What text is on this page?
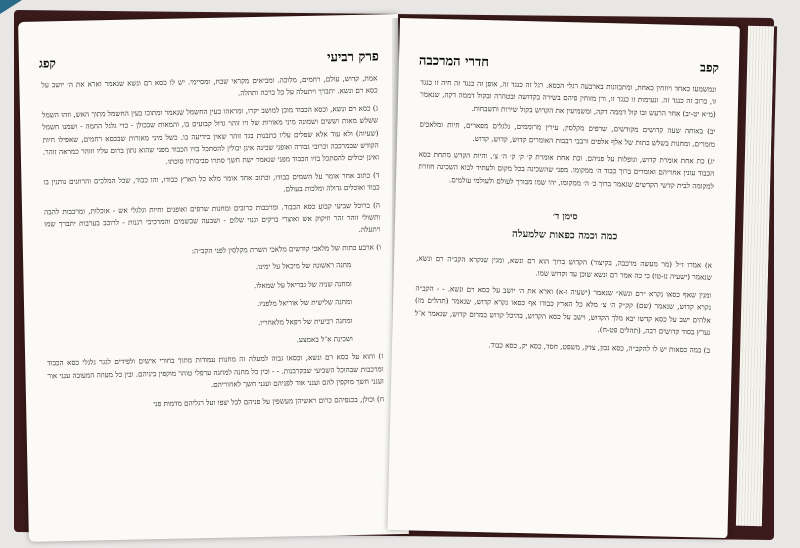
פרק רביעי
קפג

אמת, קדוש, עולם, רחמים, מלוכה. ומביאים מקראי שבח, ומסיימי. יש לו כסא רם ונשא שנאמר וארא את ה׳ יושב על כסא רם ונשא. יתברך ויתעלה על כל ברכה ותהלה.

ג) כסא רם ונשא, וכסא הכבוד מוכן למושב יקרו, ומראהו כעין החשמל שנאמר ומתוכו כעין החשמל מתוך האש, וזהו השמל ששלש מאות וששים ושמונה מיני מאורות של זיו זוהר גדול קבועים בו, והמאות שבכולן - כדי גלגל החמה - ושמנו חשמל (שעיוה) ולא עוד אלא שפלים עליו כתבנות בגד זוהר שאין בידיעה בו. כשל מיני מאורות שבכסא רחמים, שאפילו חיות הקודש שבמרכבה וכרובי גבורה ואופני שכינה אינן יכולין להסתכל בזיו הכבוד מפני שהוא נתון ברום עליו וזוהר כמראה זוהר. ואינן יכולים להסתכל בזיו הכבוד מפני שנאמר ישת חשך סתרו סביבותיו סוכתו.

ד) כתוב אחר אומר על השמים כבודו, וכתוב אחד אומר מלא כל הארץ כבודו, והו כבוד, שכל המלכים והרוזנים נותנין בו כבוד ואוכלים גדולה ומלכות בעולם.

ה) ברוכל שביעי קבוע כסא הכבוד. ומרכבות כרובים ומחנות שרפים ואופנים וחיות וגלגלי אש - אוכלות, ומרכבות להבה ותשולי זוהר זהר וזיקוק אש ואוצרי ברקים וגנזי שלום - ושבעה שבשמים והמרכיבי רננות - לרוכב בערבות יתברך שמו ויתעלה.

ו) ארבע כתות של מלאכי קודשים מלאכי השרת מקלסין לפני הקב״ה:

מחנה ראשונה של מיכאל על ימינו.

ומחנה שניה של גבריאל על שמאלו.

ומחנה שלישית של אוריאל מלפניו.

ומחנה רביעית של רפאל מלאחריו.

ושכינת א־ל באמצע.

ז) והוא על כסא רם ונשא, וכסאו גבוה למעלה זה מחנות עמודות מתוך בחורי אישים ולפידים לגגר גלגלי כסא הכבוד ומרכבות שבהוכל השביעי שבקרבנות. - - וכין כל מחנה למחנה ערפלי טוהר מוקפין ביניהם. ובין כל מעוזה המעובה ענני אור וענני חשך מוקפין להם וענני אוד לפניהם וענני חשך לאחוריהם.

ח) וכולן, בכנפיהם כרום ראשיהן מעשפין על פניהם לבל יצפו ועל רגליהם מדמות פני

קפב
חדרי המרכבה

ונמשמעו כאחד ויוזחין כאחת, ומתכוונות בארבעה רגלי הכסא. רגל זה כנגד זה, אופן זה כנגד זה חיה זו כנגד זו, כרוב זה כנגד זה. ונעימות זו כנגד זו, ורן מזוחין פיהם בשירה בקדושה ובטהרה ובקול דממה דקה, שנאמר (מ״א יט-יב) אחר הרעש ובו קול דממה דקה, ומשמיעין את הקדוש בקול שירות ותשבחות.

יב) באותה שעה קדושים מקודשים, שרפים מקלסין, עירין מרוממים, גלגלים מפארים, חיות ומלאכים מזמרים, ומחנות בשלש כתות של אלף אלפים ורבבי רבבות האומרים קדוש, קדוש, קדוש.

יג) כת אחת אומרת קדוש, ונופלות על פניהם. וכת אחת אומרת ק׳ ק׳ ק׳ ה׳ צ׳, והיות הקדש מתחת כסא הכבוד עונין אחריהם ואומרים ברוך כבוד ה׳ ממקומו. מפני שהשכינה בכל מקום ולעתיד לבוא השכינה חוזרת למקומה לבית קדשי הקדשים שנאמר ברוך כ׳ ה׳ ממקומו, יהי שמו מבורך לעולם ולעולמי עולמים.

סימן ד׳
כמה וכמה כפאות שלמעלה

א) אמרו ז״ל (מר מעשה מרכבה, בקיצור) הקדוש ברוך הוא רם ונשא, ומנין שנקרא הקב״ה רם ונשא, שנאמר (ישעיה נז-טו) כי כה אמר רם ונשא שוכן עד וקדוש שמו.

ומנין שאף כסאו נקרא ״רם ונשא״ שנאמר (ישעיה ו-א) וארא את ה׳ יושב על כסא רם ונשא. - - הקב״ה נקרא קדוש, שנאמר (שם) קק״ק ה׳ צ׳ מלא כל הארץ כבודו אף כסאו נקרא קדוש, שנאמר (תהלים מז) אלהים ישב על כסא קדשו יבא מלך הקדוש, וישב על כסא הקדוש, בהיכל קדוש במרום קדוש, שנאמר א־ל נערץ בסוד קדושים רבה, (תהלים פט-ח).

ב) כמה כסאות יש לו להקב״ה, כסא נכון, צדק, משפט, חסד, כסא יק, כסא כבוד.
